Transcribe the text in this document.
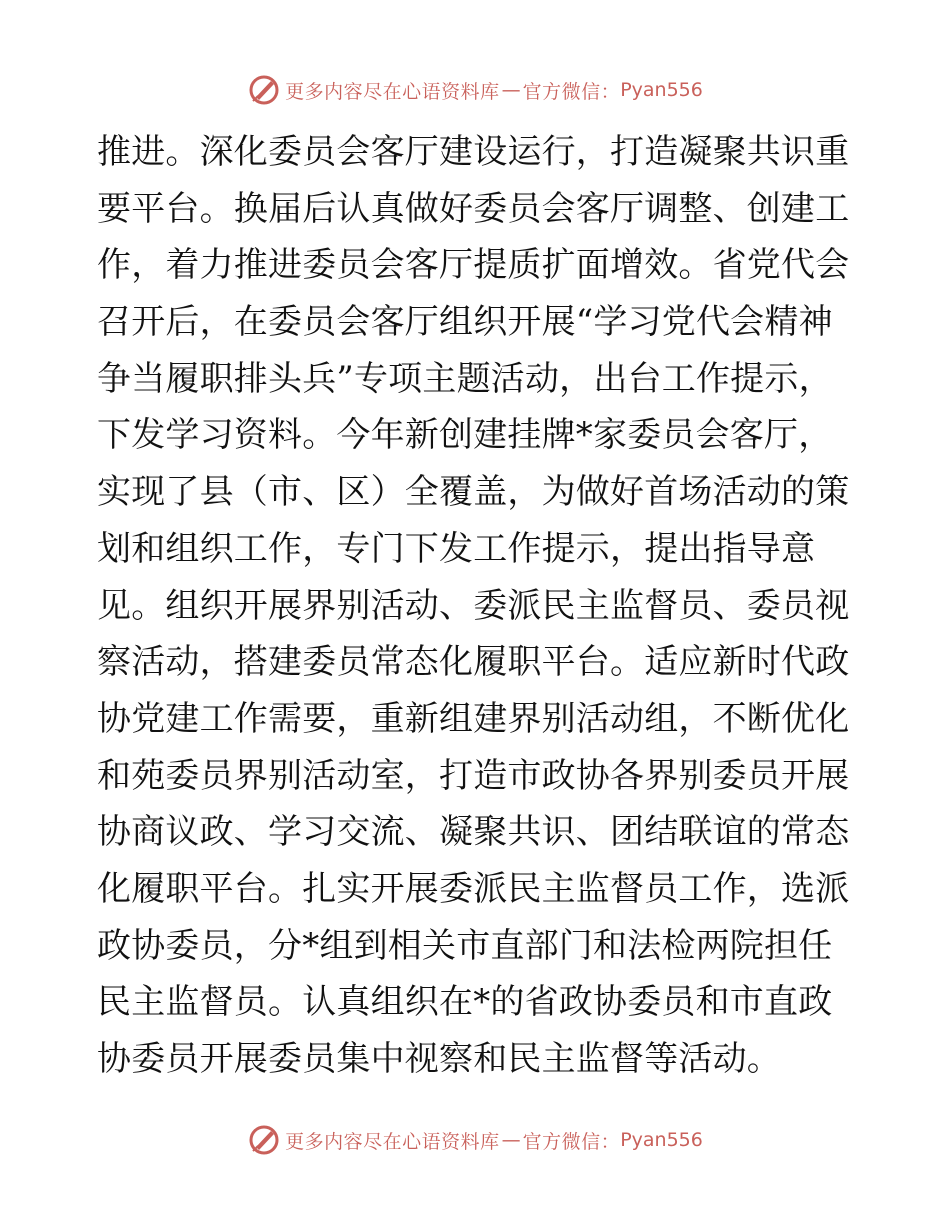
更多内容尽在心语资料库 — 官方微信： Pyan556
推进。深化委员会客厅建设运行，打造凝聚共识重
要平台。换届后认真做好委员会客厅调整、创建工
作，着力推进委员会客厅提质扩面增效。省党代会
召开后，在委员会客厅组织开展“学习党代会精神
争当履职排头兵”专项主题活动，出台工作提示，
下发学习资料。今年新创建挂牌*家委员会客厅，
实现了县（市、区）全覆盖，为做好首场活动的策
划和组织工作，专门下发工作提示，提出指导意
见。组织开展界别活动、委派民主监督员、委员视
察活动，搭建委员常态化履职平台。适应新时代政
协党建工作需要，重新组建界别活动组，不断优化
和苑委员界别活动室，打造市政协各界别委员开展
协商议政、学习交流、凝聚共识、团结联谊的常态
化履职平台。扎实开展委派民主监督员工作，选派
政协委员，分*组到相关市直部门和法检两院担任
民主监督员。认真组织在*的省政协委员和市直政
协委员开展委员集中视察和民主监督等活动。
更多内容尽在心语资料库 — 官方微信： Pyan556
